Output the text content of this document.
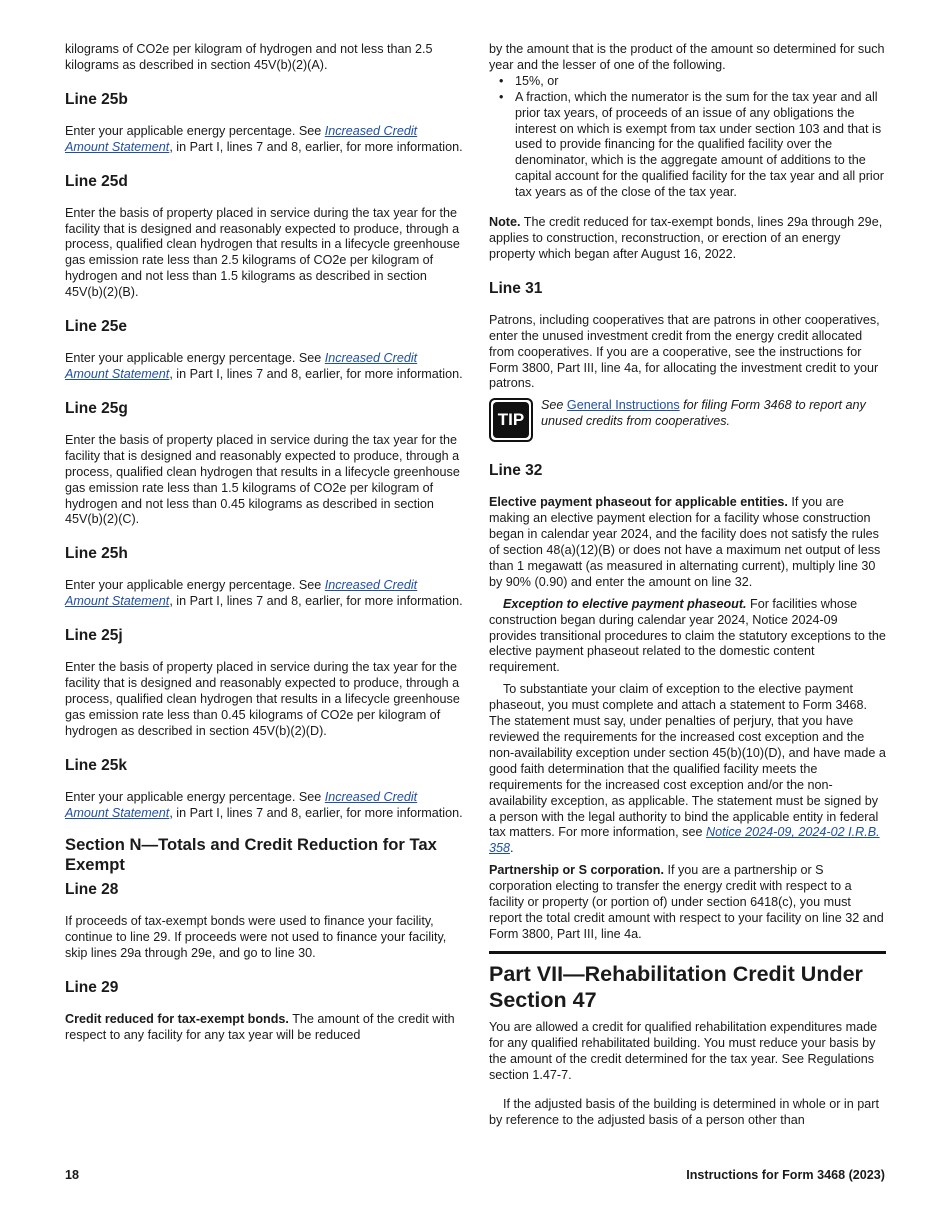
kilograms of CO2e per kilogram of hydrogen and not less than 2.5 kilograms as described in section 45V(b)(2)(A).

Line 25b

Enter your applicable energy percentage. See Increased Credit Amount Statement, in Part I, lines 7 and 8, earlier, for more information.

Line 25d

Enter the basis of property placed in service during the tax year for the facility that is designed and reasonably expected to produce, through a process, qualified clean hydrogen that results in a lifecycle greenhouse gas emission rate less than 2.5 kilograms of CO2e per kilogram of hydrogen and not less than 1.5 kilograms as described in section 45V(b)(2)(B).

Line 25e

Enter your applicable energy percentage. See Increased Credit Amount Statement, in Part I, lines 7 and 8, earlier, for more information.

Line 25g

Enter the basis of property placed in service during the tax year for the facility that is designed and reasonably expected to produce, through a process, qualified clean hydrogen that results in a lifecycle greenhouse gas emission rate less than 1.5 kilograms of CO2e per kilogram of hydrogen and not less than 0.45 kilograms as described in section 45V(b)(2)(C).

Line 25h

Enter your applicable energy percentage. See Increased Credit Amount Statement, in Part I, lines 7 and 8, earlier, for more information.

Line 25j

Enter the basis of property placed in service during the tax year for the facility that is designed and reasonably expected to produce, through a process, qualified clean hydrogen that results in a lifecycle greenhouse gas emission rate less than 0.45 kilograms of CO2e per kilogram of hydrogen as described in section 45V(b)(2)(D).

Line 25k

Enter your applicable energy percentage. See Increased Credit Amount Statement, in Part I, lines 7 and 8, earlier, for more information.

Section N—Totals and Credit Reduction for Tax Exempt
Line 28

If proceeds of tax-exempt bonds were used to finance your facility, continue to line 29. If proceeds were not used to finance your facility, skip lines 29a through 29e, and go to line 30.

Line 29

Credit reduced for tax-exempt bonds. The amount of the credit with respect to any facility for any tax year will be reduced

by the amount that is the product of the amount so determined for such year and the lesser of one of the following.

• 15%, or
• A fraction, which the numerator is the sum for the tax year and all prior tax years, of proceeds of an issue of any obligations the interest on which is exempt from tax under section 103 and that is used to provide financing for the qualified facility over the denominator, which is the aggregate amount of additions to the capital account for the qualified facility for the tax year and all prior tax years as of the close of the tax year.

Note. The credit reduced for tax-exempt bonds, lines 29a through 29e, applies to construction, reconstruction, or erection of an energy property which began after August 16, 2022.

Line 31

Patrons, including cooperatives that are patrons in other cooperatives, enter the unused investment credit from the energy credit allocated from cooperatives. If you are a cooperative, see the instructions for Form 3800, Part III, line 4a, for allocating the investment credit to your patrons.

TIP

See General Instructions for filing Form 3468 to report any unused credits from cooperatives.

Line 32

Elective payment phaseout for applicable entities. If you are making an elective payment election for a facility whose construction began in calendar year 2024, and the facility does not satisfy the rules of section 48(a)(12)(B) or does not have a maximum net output of less than 1 megawatt (as measured in alternating current), multiply line 30 by 90% (0.90) and enter the amount on line 32.

Exception to elective payment phaseout. For facilities whose construction began during calendar year 2024, Notice 2024-09 provides transitional procedures to claim the statutory exceptions to the elective payment phaseout related to the domestic content requirement.

To substantiate your claim of exception to the elective payment phaseout, you must complete and attach a statement to Form 3468. The statement must say, under penalties of perjury, that you have reviewed the requirements for the increased cost exception and the non-availability exception under section 45(b)(10)(D), and have made a good faith determination that the qualified facility meets the requirements for the increased cost exception and/or the non-availability exception, as applicable. The statement must be signed by a person with the legal authority to bind the applicable entity in federal tax matters. For more information, see Notice 2024-09, 2024-02 I.R.B. 358.

Partnership or S corporation. If you are a partnership or S corporation electing to transfer the energy credit with respect to a facility or property (or portion of) under section 6418(c), you must report the total credit amount with respect to your facility on line 32 and Form 3800, Part III, line 4a.

Part VII—Rehabilitation Credit Under Section 47

You are allowed a credit for qualified rehabilitation expenditures made for any qualified rehabilitated building. You must reduce your basis by the amount of the credit determined for the tax year. See Regulations section 1.47-7.

If the adjusted basis of the building is determined in whole or in part by reference to the adjusted basis of a person other than

18	Instructions for Form 3468 (2023)
